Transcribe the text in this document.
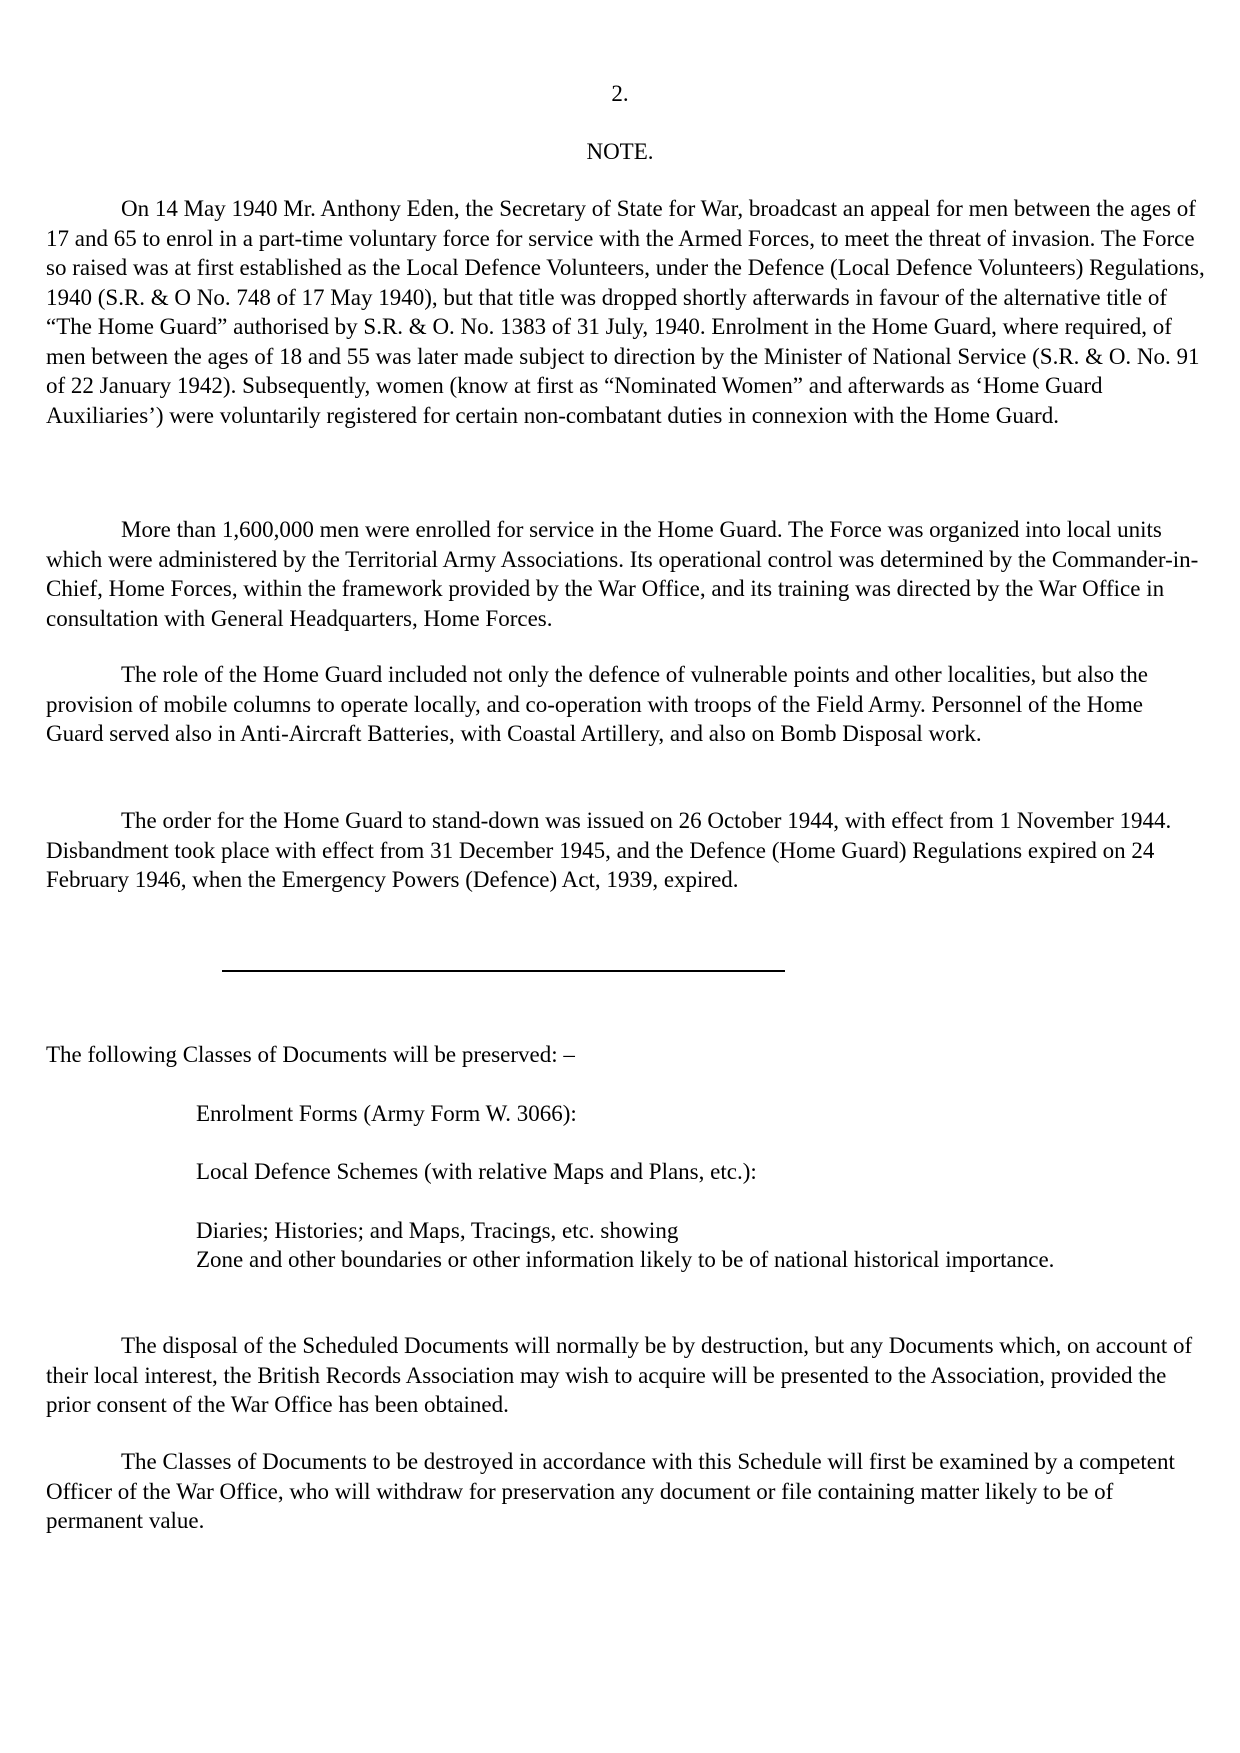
2.
NOTE.

On 14 May 1940 Mr. Anthony Eden, the Secretary of State for War, broadcast an appeal for men between the ages of 17 and 65 to enrol in a part-time voluntary force for service with the Armed Forces, to meet the threat of invasion. The Force so raised was at first established as the Local Defence Volunteers, under the Defence (Local Defence Volunteers) Regulations, 1940 (S.R. & O No. 748 of 17 May 1940), but that title was dropped shortly afterwards in favour of the alternative title of “The Home Guard” authorised by S.R. & O. No. 1383 of 31 July, 1940. Enrolment in the Home Guard, where required, of men between the ages of 18 and 55 was later made subject to direction by the Minister of National Service (S.R. & O. No. 91 of 22 January 1942). Subsequently, women (know at first as “Nominated Women” and afterwards as ‘Home Guard Auxiliaries’) were voluntarily registered for certain non-combatant duties in connexion with the Home Guard.

More than 1,600,000 men were enrolled for service in the Home Guard. The Force was organized into local units which were administered by the Territorial Army Associations. Its operational control was determined by the Commander-in-Chief, Home Forces, within the framework provided by the War Office, and its training was directed by the War Office in consultation with General Headquarters, Home Forces.

The role of the Home Guard included not only the defence of vulnerable points and other localities, but also the provision of mobile columns to operate locally, and co-operation with troops of the Field Army. Personnel of the Home Guard served also in Anti-Aircraft Batteries, with Coastal Artillery, and also on Bomb Disposal work.

The order for the Home Guard to stand-down was issued on 26 October 1944, with effect from 1 November 1944. Disbandment took place with effect from 31 December 1945, and the Defence (Home Guard) Regulations expired on 24 February 1946, when the Emergency Powers (Defence) Act, 1939, expired.

The following Classes of Documents will be preserved: –

Enrolment Forms (Army Form W. 3066):

Local Defence Schemes (with relative Maps and Plans, etc.):

Diaries; Histories; and Maps, Tracings, etc. showing

Zone and other boundaries or other information likely to be of national historical importance.

The disposal of the Scheduled Documents will normally be by destruction, but any Documents which, on account of their local interest, the British Records Association may wish to acquire will be presented to the Association, provided the prior consent of the War Office has been obtained.

The Classes of Documents to be destroyed in accordance with this Schedule will first be examined by a competent Officer of the War Office, who will withdraw for preservation any document or file containing matter likely to be of permanent value.
